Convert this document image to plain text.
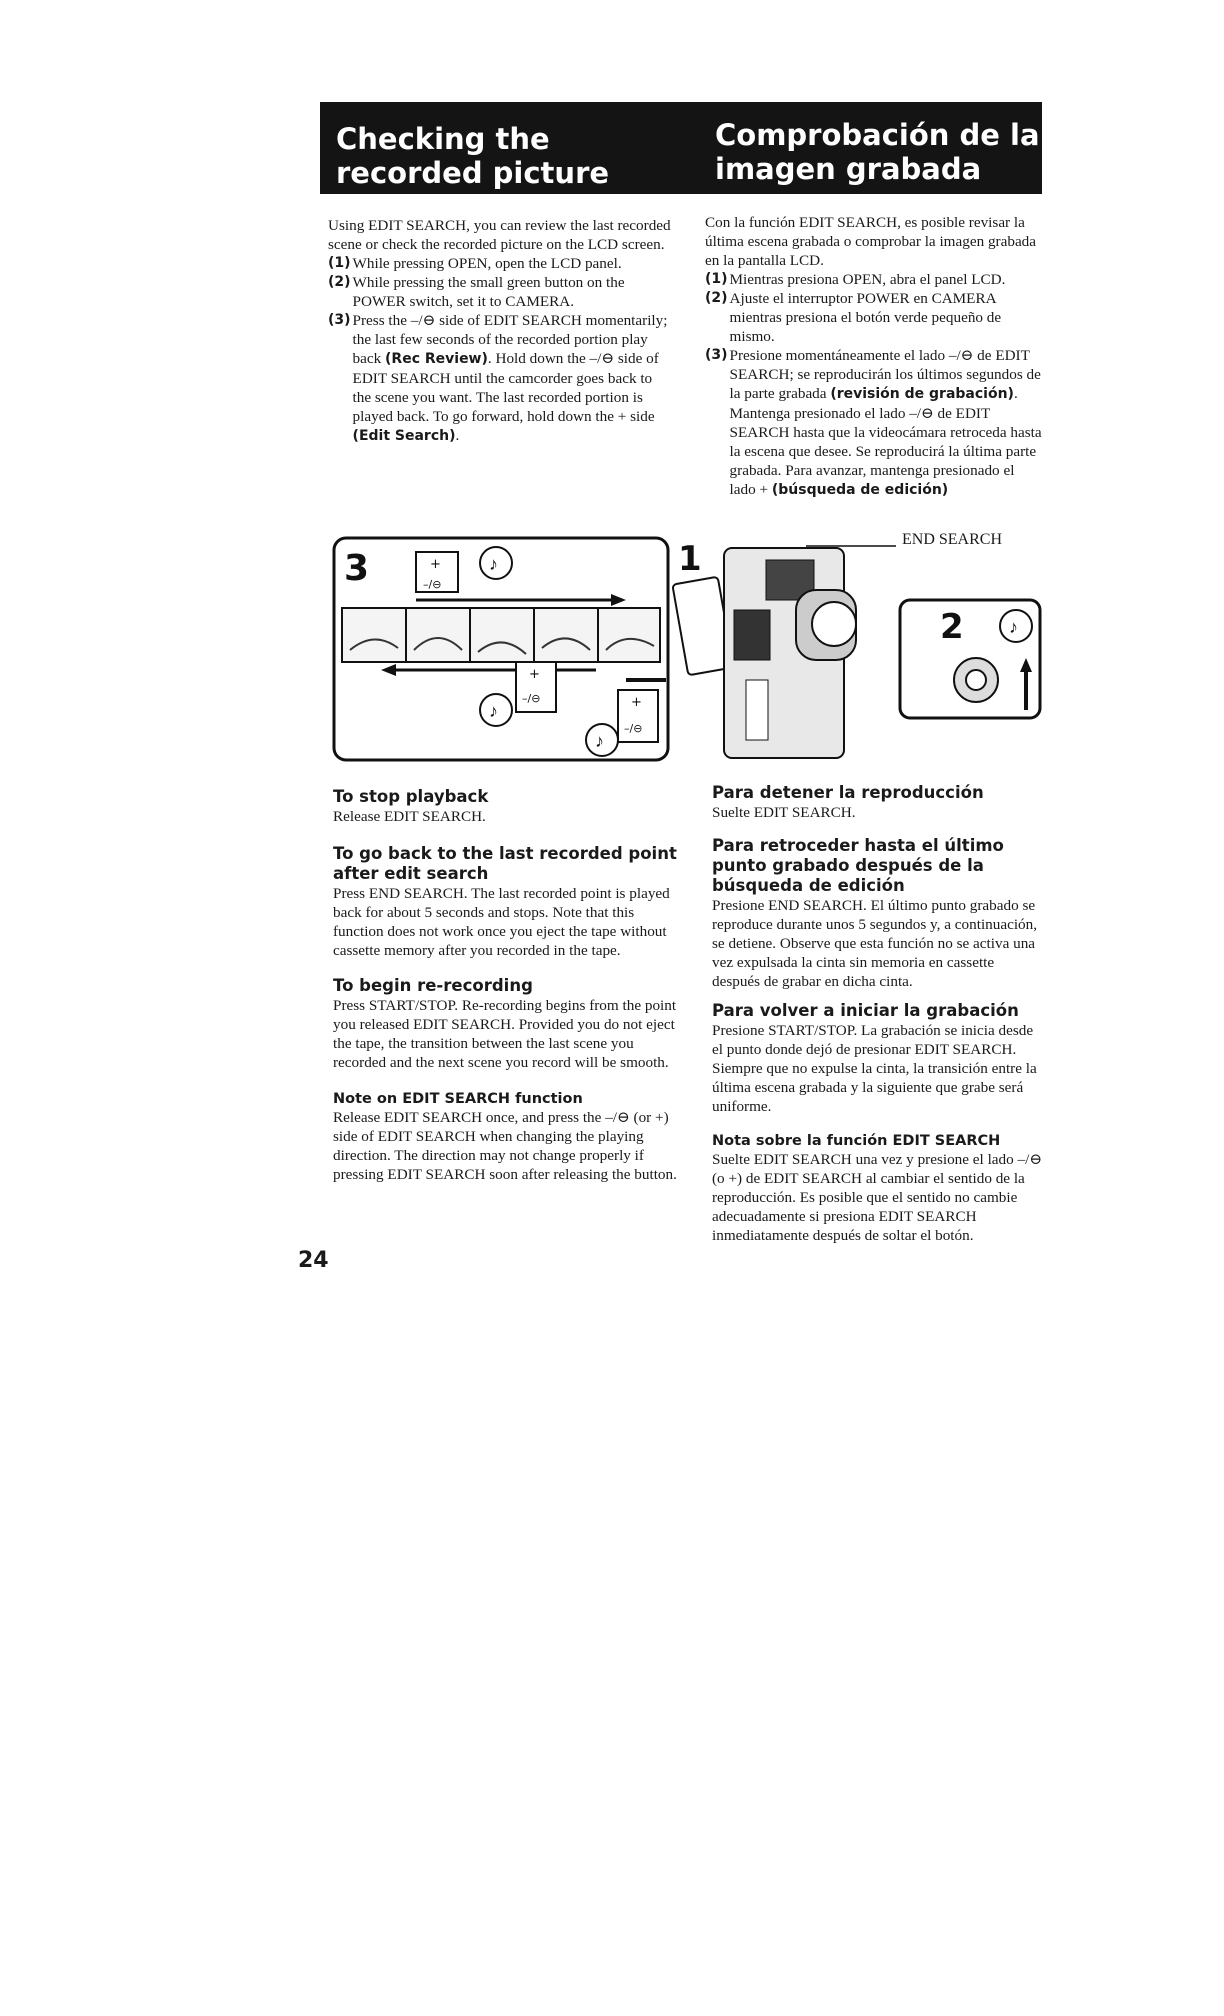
Checking the
recorded picture
Comprobación de la
imagen grabada

Using EDIT SEARCH, you can review the last recorded scene or check the recorded picture on the LCD screen.

(1) While pressing OPEN, open the LCD panel.
(2) While pressing the small green button on the POWER switch, set it to CAMERA.
(3) Press the –/⊖ side of EDIT SEARCH momentarily; the last few seconds of the recorded portion play back (Rec Review). Hold down the –/⊖ side of EDIT SEARCH until the camcorder goes back to the scene you want. The last recorded portion is played back. To go forward, hold down the + side (Edit Search).

Con la función EDIT SEARCH, es posible revisar la última escena grabada o comprobar la imagen grabada en la pantalla LCD.

(1) Mientras presiona OPEN, abra el panel LCD.
(2) Ajuste el interruptor POWER en CAMERA mientras presiona el botón verde pequeño de mismo.
(3) Presione momentáneamente el lado –/⊖ de EDIT SEARCH; se reproducirán los últimos segundos de la parte grabada (revisión de grabación). Mantenga presionado el lado –/⊖ de EDIT SEARCH hasta que la videocámara retroceda hasta la escena que desee. Se reproducirá la última parte grabada. Para avanzar, mantenga presionado el lado + (búsqueda de edición)
3	+
–/⊖
♪
+
–/⊖
♪	+
–/⊖
♪
1
2	♪
END SEARCH

To stop playback

Release EDIT SEARCH.

To go back to the last recorded point after edit search

Press END SEARCH. The last recorded point is played back for about 5 seconds and stops. Note that this function does not work once you eject the tape without cassette memory after you recorded in the tape.

To begin re-recording

Press START/STOP. Re-recording begins from the point you released EDIT SEARCH. Provided you do not eject the tape, the transition between the last scene you recorded and the next scene you record will be smooth.

Note on EDIT SEARCH function

Release EDIT SEARCH once, and press the –/⊖ (or +) side of EDIT SEARCH when changing the playing direction. The direction may not change properly if pressing EDIT SEARCH soon after releasing the button.

Para detener la reproducción

Suelte EDIT SEARCH.

Para retroceder hasta el último punto grabado después de la búsqueda de edición

Presione END SEARCH. El último punto grabado se reproduce durante unos 5 segundos y, a continuación, se detiene. Observe que esta función no se activa una vez expulsada la cinta sin memoria en cassette después de grabar en dicha cinta.

Para volver a iniciar la grabación

Presione START/STOP. La grabación se inicia desde el punto donde dejó de presionar EDIT SEARCH. Siempre que no expulse la cinta, la transición entre la última escena grabada y la siguiente que grabe será uniforme.

Nota sobre la función EDIT SEARCH

Suelte EDIT SEARCH una vez y presione el lado –/⊖ (o +) de EDIT SEARCH al cambiar el sentido de la reproducción. Es posible que el sentido no cambie adecuadamente si presiona EDIT SEARCH inmediatamente después de soltar el botón.

24
